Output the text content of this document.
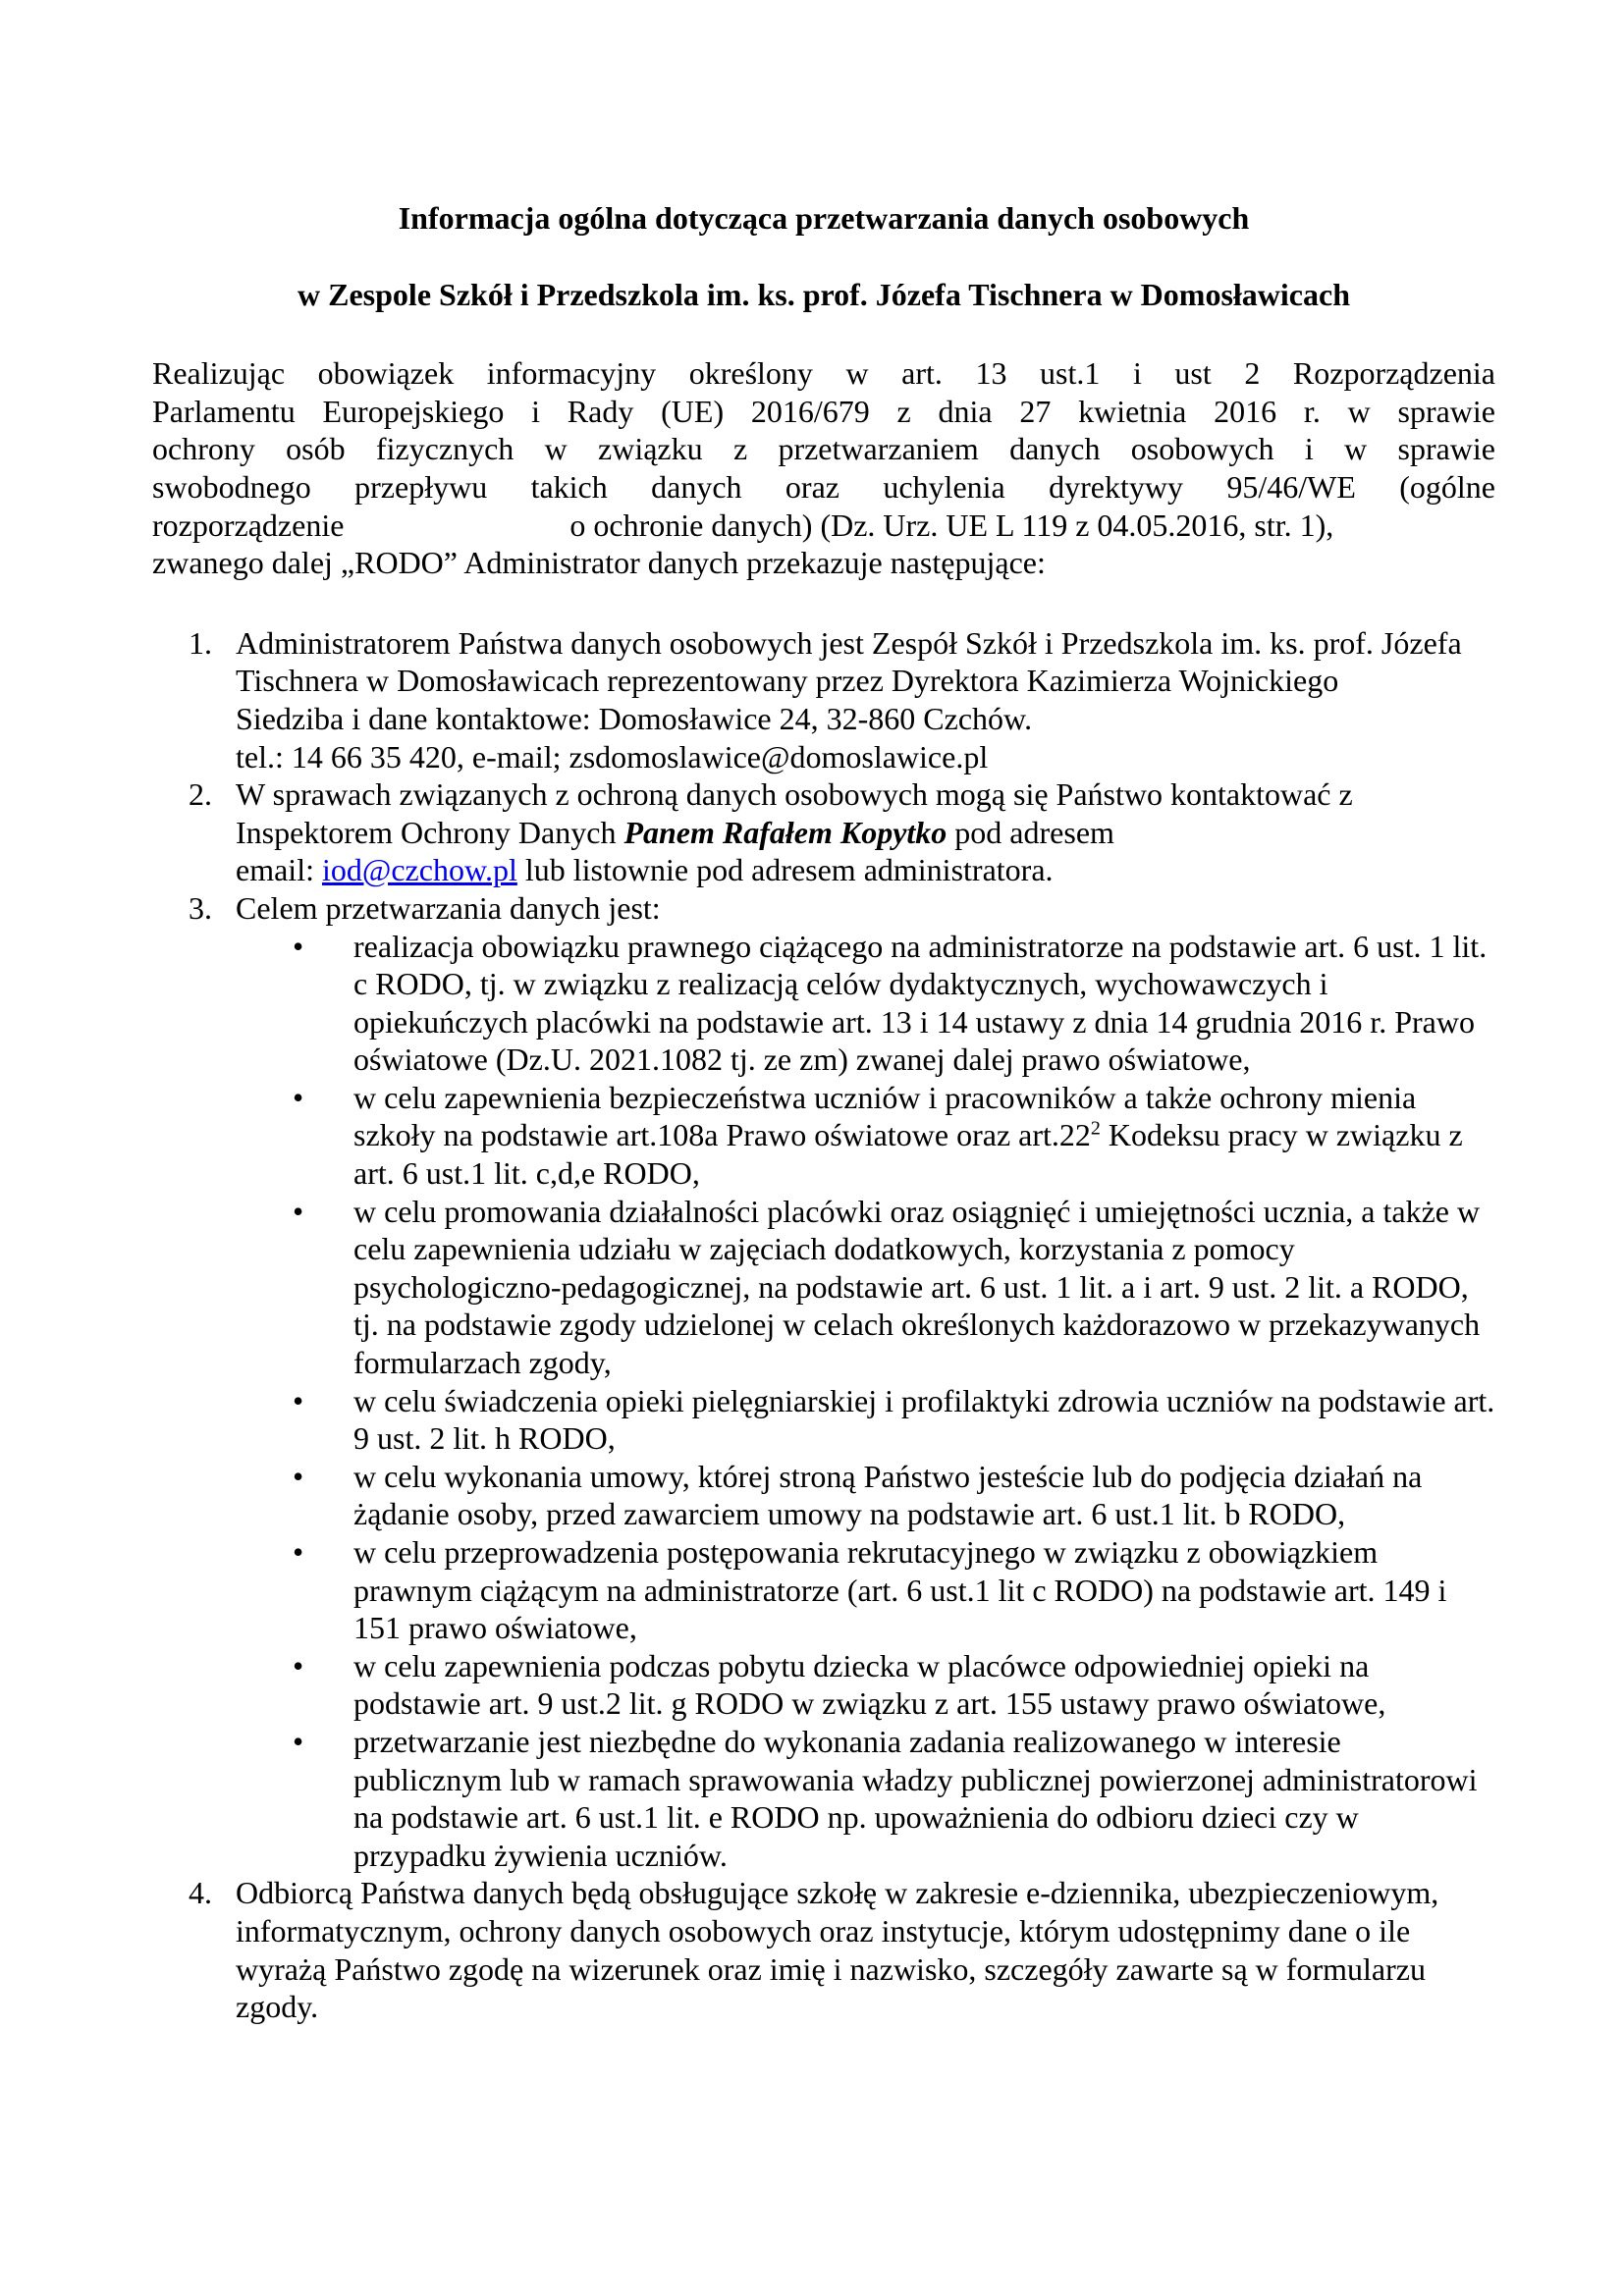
Informacja ogólna dotycząca przetwarzania danych osobowych
w Zespole Szkół i Przedszkola im. ks. prof. Józefa Tischnera w Domosławicach
Realizując obowiązek informacyjny określony w art. 13 ust.1 i ust 2 Rozporządzenia
Parlamentu Europejskiego i Rady (UE) 2016/679 z dnia 27 kwietnia 2016 r. w sprawie
ochrony osób fizycznych w związku z przetwarzaniem danych osobowych i w sprawie
swobodnego przepływu takich danych oraz uchylenia dyrektywy 95/46/WE (ogólne
rozporządzenie	o ochronie danych) (Dz. Urz. UE L 119 z 04.05.2016, str. 1),
zwanego dalej „RODO” Administrator danych przekazuje następujące:
1. Administratorem Państwa danych osobowych jest Zespół Szkół i Przedszkola im. ks. prof. Józefa Tischnera w Domosławicach reprezentowany przez Dyrektora Kazimierza Wojnickiego
Siedziba i dane kontaktowe: Domosławice 24, 32-860 Czchów.
tel.: 14 66 35 420, e-mail; zsdomoslawice@domoslawice.pl
2. W sprawach związanych z ochroną danych osobowych mogą się Państwo kontaktować z Inspektorem Ochrony Danych Panem Rafałem Kopytko pod adresem
email: iod@czchow.pl lub listownie pod adresem administratora.
3. Celem przetwarzania danych jest:
•	realizacja obowiązku prawnego ciążącego na administratorze na podstawie art. 6 ust. 1 lit. c RODO, tj. w związku z realizacją celów dydaktycznych, wychowawczych i opiekuńczych placówki na podstawie art. 13 i 14 ustawy z dnia 14 grudnia 2016 r. Prawo oświatowe (Dz.U. 2021.1082 tj. ze zm) zwanej dalej prawo oświatowe,
•	w celu zapewnienia bezpieczeństwa uczniów i pracowników a także ochrony mienia szkoły na podstawie art.108a Prawo oświatowe oraz art.22$^2$ Kodeksu pracy w związku z art. 6 ust.1 lit. c,d,e RODO,
•	w celu promowania działalności placówki oraz osiągnięć i umiejętności ucznia, a także w celu zapewnienia udziału w zajęciach dodatkowych, korzystania z pomocy psychologiczno-pedagogicznej, na podstawie art. 6 ust. 1 lit. a i art. 9 ust. 2 lit. a RODO, tj. na podstawie zgody udzielonej w celach określonych każdorazowo w przekazywanych formularzach zgody,
•	w celu świadczenia opieki pielęgniarskiej i profilaktyki zdrowia uczniów na podstawie art. 9 ust. 2 lit. h RODO,
•	w celu wykonania umowy, której stroną Państwo jesteście lub do podjęcia działań na żądanie osoby, przed zawarciem umowy na podstawie art. 6 ust.1 lit. b RODO,
•	w celu przeprowadzenia postępowania rekrutacyjnego w związku z obowiązkiem prawnym ciążącym na administratorze (art. 6 ust.1 lit c RODO) na podstawie art. 149 i 151 prawo oświatowe,
•	w celu zapewnienia podczas pobytu dziecka w placówce odpowiedniej opieki na podstawie art. 9 ust.2 lit. g RODO w związku z art. 155 ustawy prawo oświatowe,
•	przetwarzanie jest niezbędne do wykonania zadania realizowanego w interesie publicznym lub w ramach sprawowania władzy publicznej powierzonej administratorowi na podstawie art. 6 ust.1 lit. e RODO np. upoważnienia do odbioru dzieci czy w przypadku żywienia uczniów.
4. Odbiorcą Państwa danych będą obsługujące szkołę w zakresie e-dziennika, ubezpieczeniowym, informatycznym, ochrony danych osobowych oraz instytucje, którym udostępnimy dane o ile wyrażą Państwo zgodę na wizerunek oraz imię i nazwisko, szczegóły zawarte są w formularzu zgody.
